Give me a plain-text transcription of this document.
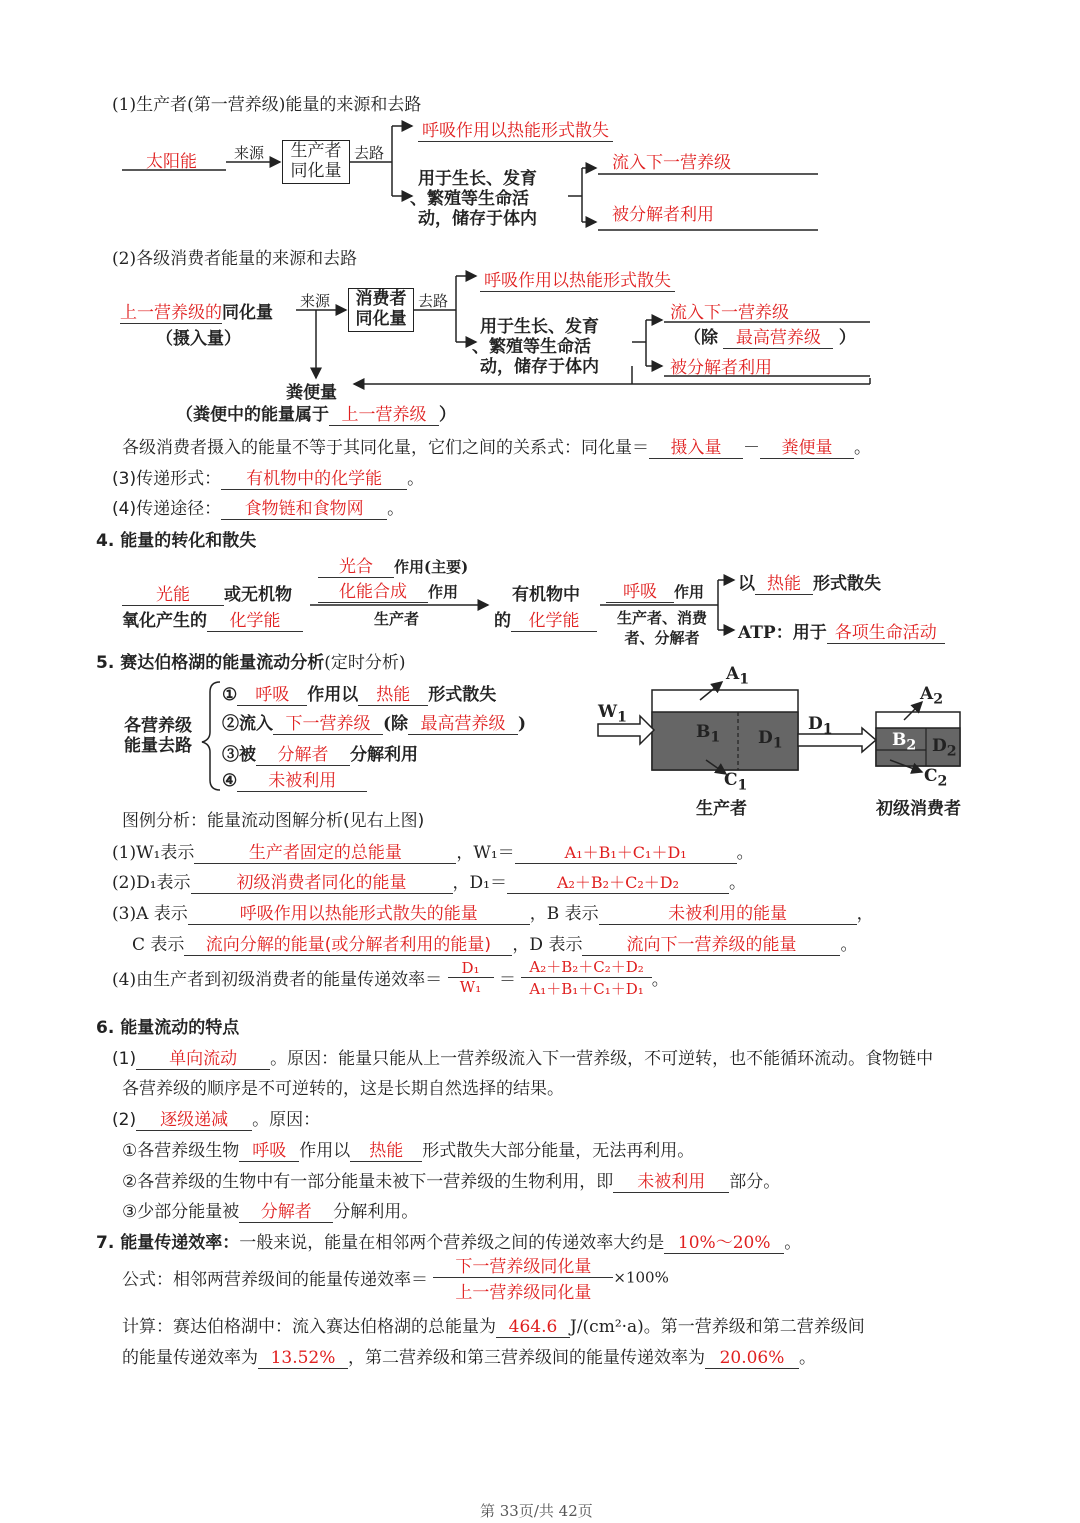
(1)生产者(第一营养级)能量的来源和去路
太阳能 来源	生产者
同化量
去路
呼吸作用以热能形式散失
用于生长、发育
、繁殖等生命活
动，储存于体内
流入下一营养级
被分解者利用
(2)各级消费者能量的来源和去路
上一营养级的同化量
（摄入量）
来源	消费者
同化量
去路
呼吸作用以热能形式散失
用于生长、发育
、繁殖等生命活
动，储存于体内
流入下一营养级
（除 最高营养级 ）
被分解者利用
粪便量
（粪便中的能量属于 上一营养级 ）
各级消费者摄入的能量不等于其同化量，它们之间的关系式：同化量＝ 摄入量 － 粪便量 。
(3)传递形式： 有机物中的化学能 。
(4)传递途径： 食物链和食物网 。
4. 能量的转化和散失
光能 或无机物
氧化产生的 化学能
光合 作用(主要)
化能合成 作用
生产者
有机物中
的 化学能
呼吸 作用
生产者、消费者、分解者
以 热能 形式散失
ATP：用于 各项生命活动
5. 赛达伯格湖的能量流动分析(定时分析)
各营养级
能量去路
① 呼吸 作用以 热能 形式散失
②流入 下一营养级 (除 最高营养级 )
③被 分解者 分解利用
④ 未被利用
$W_1$
$A_1$
$B_1$ $D_1$
$D_1$
$C_1$
$A_2$
$B_2$ $D_2$
$C_2$
生产者	初级消费者
图例分析：能量流动图解分析(见右上图)
(1)W₁表示	生产者固定的总能量	，W₁＝	A₁＋B₁＋C₁＋D₁	。
(2)D₁表示	初级消费者同化的能量	，D₁＝	A₂＋B₂＋C₂＋D₂	。
(3)A 表示	呼吸作用以热能形式散失的能量	，B 表示	未被利用的能量	，
C 表示 流向分解的能量(或分解者利用的能量) ，D 表示	流向下一营养级的能量	。
(4)由生产者到初级消费者的能量传递效率＝ $\frac{\text{D₁}}{\text{W₁}} = \frac{\text{A₂＋B₂＋C₂＋D₂}}{\text{A₁＋B₁＋C₁＋D₁}}$ 。
6. 能量流动的特点
(1) 单向流动 。原因：能量只能从上一营养级流入下一营养级，不可逆转，也不能循环流动。食物链中
各营养级的顺序是不可逆转的，这是长期自然选择的结果。
(2) 逐级递减 。原因：
①各营养级生物 呼吸 作用以 热能 形式散失大部分能量，无法再利用。
②各营养级的生物中有一部分能量未被下一营养级的生物利用，即 未被利用 部分。
③少部分能量被 分解者 分解利用。
7. 能量传递效率：一般来说，能量在相邻两个营养级之间的传递效率大约是 10%～20% 。
公式：相邻两营养级间的能量传递效率＝ $\frac{\text{下一营养级同化量}}{\text{上一营养级同化量}} \times 100\%$
计算：赛达伯格湖中：流入赛达伯格湖的总能量为 464.6 J/(cm²·a)。第一营养级和第二营养级间
的能量传递效率为 13.52% ，第二营养级和第三营养级间的能量传递效率为 20.06% 。
第 33页/共 42页
